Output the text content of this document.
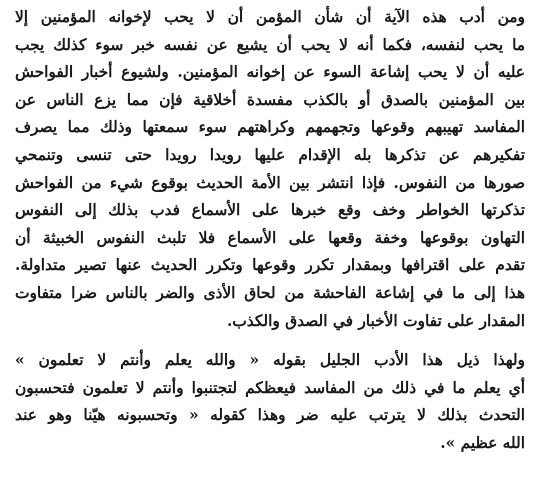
ومن أدب هذه الآية أن شأن المؤمن أن لا يحب لإخوانه المؤمنين إلا
ما يحب لنفسه، فكما أنه لا يحب أن يشيع عن نفسه خبر سوء كذلك يجب
عليه أن لا يحب إشاعة السوء عن إخوانه المؤمنين. ولشيوع أخبار الفواحش
بين المؤمنين بالصدق أو بالكذب مفسدة أخلاقية فإن مما يزع الناس عن
المفاسد تهيبهم وقوعها وتجهمهم وكراهتهم سوء سمعتها وذلك مما يصرف
تفكيرهم عن تذكرها بله الإقدام عليها رويدا رويدا حتى تنسى وتنمحي
صورها من النفوس. فإذا انتشر بين الأمة الحديث بوقوع شيء من الفواحش
تذكرتها الخواطر وخف وقع خبرها على الأسماع فدب بذلك إلى النفوس
التهاون بوقوعها وخفة وقعها على الأسماع فلا تلبث النفوس الخبيثة أن
تقدم على اقترافها وبمقدار تكرر وقوعها وتكرر الحديث عنها تصير متداولة.
هذا إلى ما في إشاعة الفاحشة من لحاق الأذى والضر بالناس ضرا متفاوت
المقدار على تفاوت الأخبار في الصدق والكذب.
ولهذا ذيل هذا الأدب الجليل بقوله « والله يعلم وأنتم لا تعلمون »
أي يعلم ما في ذلك من المفاسد فيعظكم لتجتنبوا وأنتم لا تعلمون فتحسبون
التحدث بذلك لا يترتب عليه ضر وهذا كقوله « وتحسبونه هيّنا وهو عند
الله عظيم ».
